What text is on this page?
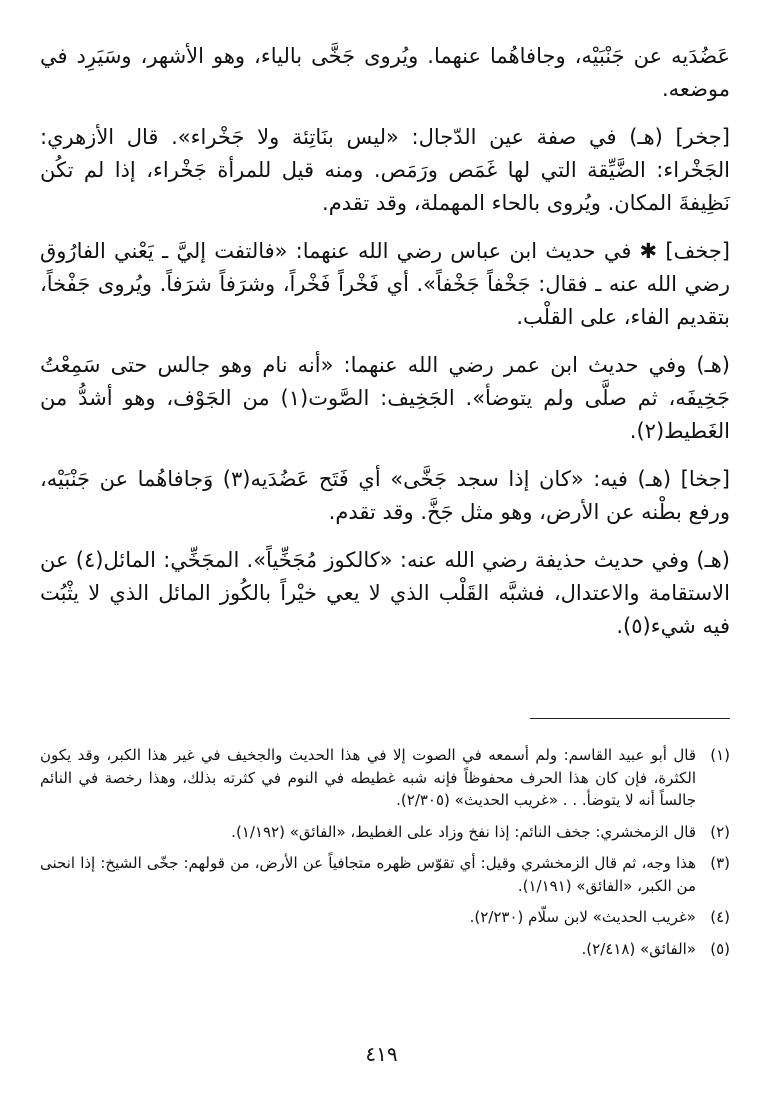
عَضُدَيه عن جَنْبَيْه، وجافاهُما عنهما. ويُروى جَخَّى بالياء، وهو الأشهر، وسَيَرِد في موضعه.

[جخر] (هـ) في صفة عين الدّجال: «ليس بنَاتِئة ولا جَخْراء». قال الأزهري: الجَخْراء: الضَّيِّقة التي لها غَمَص ورَمَص. ومنه قيل للمرأة جَخْراء، إذا لم تكُن نَظِيفةَ المكان. ويُروى بالحاء المهملة، وقد تقدم.

[جخف] ✱ في حديث ابن عباس رضي الله عنهما: «فالتفت إليَّ ـ يَعْني الفارُوق رضي الله عنه ـ فقال: جَخْفاً جَخْفاً». أي فَخْراً فَخْراً، وشرَفاً شرَفاً. ويُروى جَفْخاً، بتقديم الفاء، على القلْب.

(هـ) وفي حديث ابن عمر رضي الله عنهما: «أنه نام وهو جالس حتى سَمِعْتُ جَخِيفَه، ثم صلَّى ولم يتوضأ». الجَخِيف: الصَّوت(١) من الجَوْف، وهو أشدُّ من الغَطيط(٢).

[جخا] (هـ) فيه: «كان إذا سجد جَخَّى» أي فَتَح عَضُدَيه(٣) وَجافاهُما عن جَنْبَيْه، ورفع بطْنه عن الأرض، وهو مثل جَخَّ. وقد تقدم.

(هـ) وفي حديث حذيفة رضي الله عنه: «كالكوز مُجَخِّياً». المجَخِّي: المائل(٤) عن الاستقامة والاعتدال، فشبَّه القَلْب الذي لا يعي خيْراً بالكُوز المائل الذي لا يثْبُت فيه شيء(٥).

(١)
قال أبو عبيد القاسم: ولم أسمعه في الصوت إلا في هذا الحديث والجخيف في غير هذا الكبر، وقد يكون الكثرة، فإن كان هذا الحرف محفوظاً فإنه شبه غطيطه في النوم في كثرته بذلك، وهذا رخصة في النائم جالساً أنه لا يتوضأ. . . «غريب الحديث» (٢/٣٠٥).
(٢)
قال الزمخشري: جخف النائم: إذا نفخ وزاد على الغطيط، «الفائق» (١/١٩٢).
(٣)
هذا وجه، ثم قال الزمخشري وقيل: أي تقوّس ظهره متجافياً عن الأرض، من قولهم: جخّى الشيخ: إذا انحنى من الكبر، «الفائق» (١/١٩١).
(٤)
«غريب الحديث» لابن سلّام (٢/٢٣٠).
(٥)
«الفائق» (٢/٤١٨).
٤١٩
